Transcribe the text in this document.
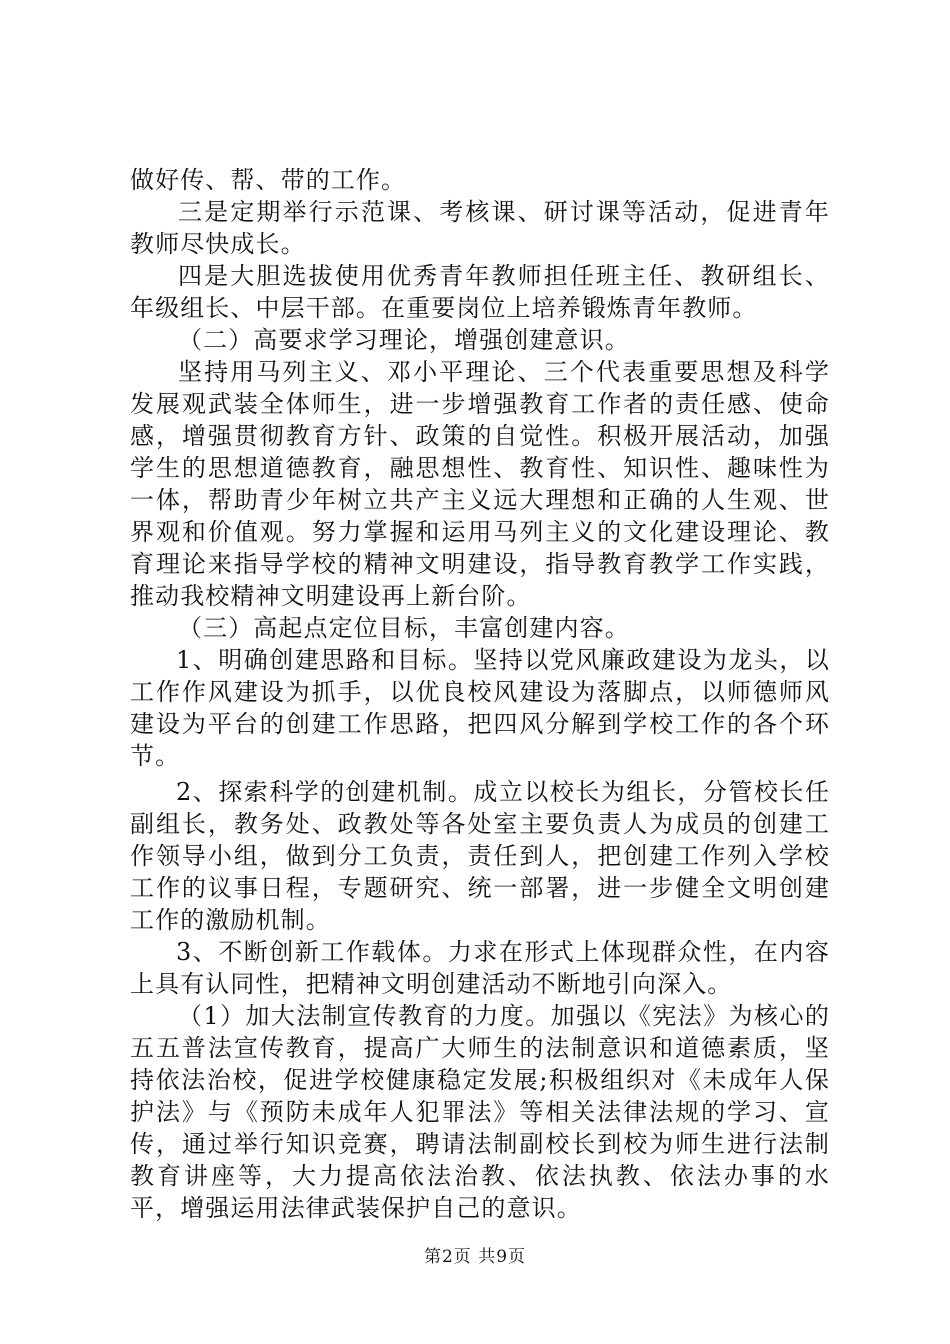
做好传、帮、带的工作。

三是定期举行示范课、考核课、研讨课等活动，促进青年教师尽快成长。

四是大胆选拔使用优秀青年教师担任班主任、教研组长、年级组长、中层干部。在重要岗位上培养锻炼青年教师。

（二）高要求学习理论，增强创建意识。

坚持用马列主义、邓小平理论、三个代表重要思想及科学发展观武装全体师生，进一步增强教育工作者的责任感、使命感，增强贯彻教育方针、政策的自觉性。积极开展活动，加强学生的思想道德教育，融思想性、教育性、知识性、趣味性为一体，帮助青少年树立共产主义远大理想和正确的人生观、世界观和价值观。努力掌握和运用马列主义的文化建设理论、教育理论来指导学校的精神文明建设，指导教育教学工作实践，推动我校精神文明建设再上新台阶。

（三）高起点定位目标，丰富创建内容。

1、明确创建思路和目标。坚持以党风廉政建设为龙头，以工作作风建设为抓手，以优良校风建设为落脚点，以师德师风建设为平台的创建工作思路，把四风分解到学校工作的各个环节。

2、探索科学的创建机制。成立以校长为组长，分管校长任副组长，教务处、政教处等各处室主要负责人为成员的创建工作领导小组，做到分工负责，责任到人，把创建工作列入学校工作的议事日程，专题研究、统一部署，进一步健全文明创建工作的激励机制。

3、不断创新工作载体。力求在形式上体现群众性，在内容上具有认同性，把精神文明创建活动不断地引向深入。

（1）加大法制宣传教育的力度。加强以《宪法》为核心的五五普法宣传教育，提高广大师生的法制意识和道德素质，坚持依法治校，促进学校健康稳定发展;积极组织对《未成年人保护法》与《预防未成年人犯罪法》等相关法律法规的学习、宣传，通过举行知识竞赛，聘请法制副校长到校为师生进行法制教育讲座等，大力提高依法治教、依法执教、依法办事的水平，增强运用法律武装保护自己的意识。

第2页 共9页
